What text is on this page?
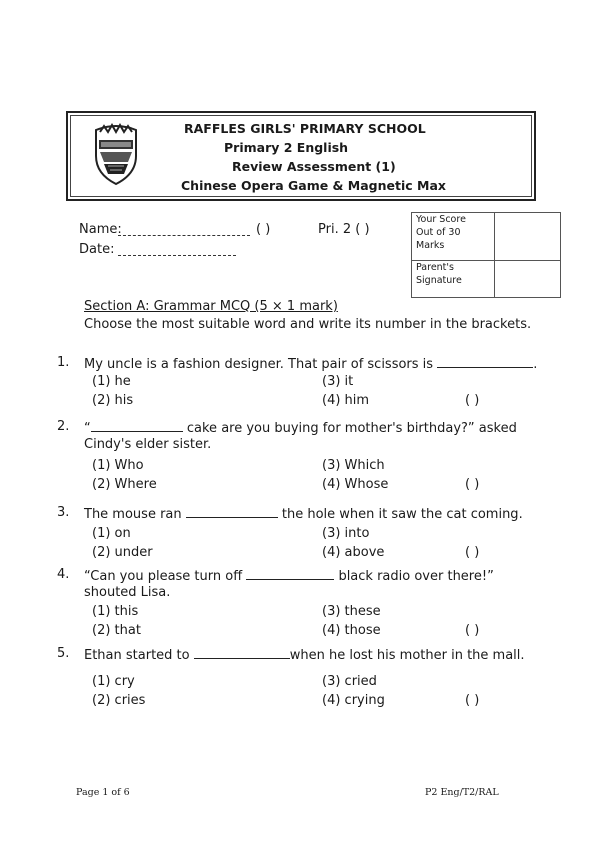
RAFFLES GIRLS' PRIMARY SCHOOL
Primary 2 English
Review Assessment (1)
Chinese Opera Game & Magnetic Max
Name:	( )	Pri. 2 ( )
Date:
Your Score
Out of 30
Marks	

Parent's
Signature	

Section A: Grammar MCQ (5 × 1 mark)
Choose the most suitable word and write its number in the brackets.
1. My uncle is a fashion designer. That pair of scissors is	.
(1) he
(2) his
(3) it
(4) him	( )
2. “	cake are you buying for mother's birthday?” asked
Cindy's elder sister.
(1) Who
(2) Where
(3) Which
(4) Whose	( )
3. The mouse ran	the hole when it saw the cat coming.
(1) on
(2) under
(3) into
(4) above	( )
4. “Can you please turn off	black radio over there!”
shouted Lisa.
(1) this
(2) that
(3) these
(4) those	( )
5. Ethan started to	when he lost his mother in the mall.
(1) cry
(2) cries
(3) cried
(4) crying	( )
Page 1 of 6	P2 Eng/T2/RAL
